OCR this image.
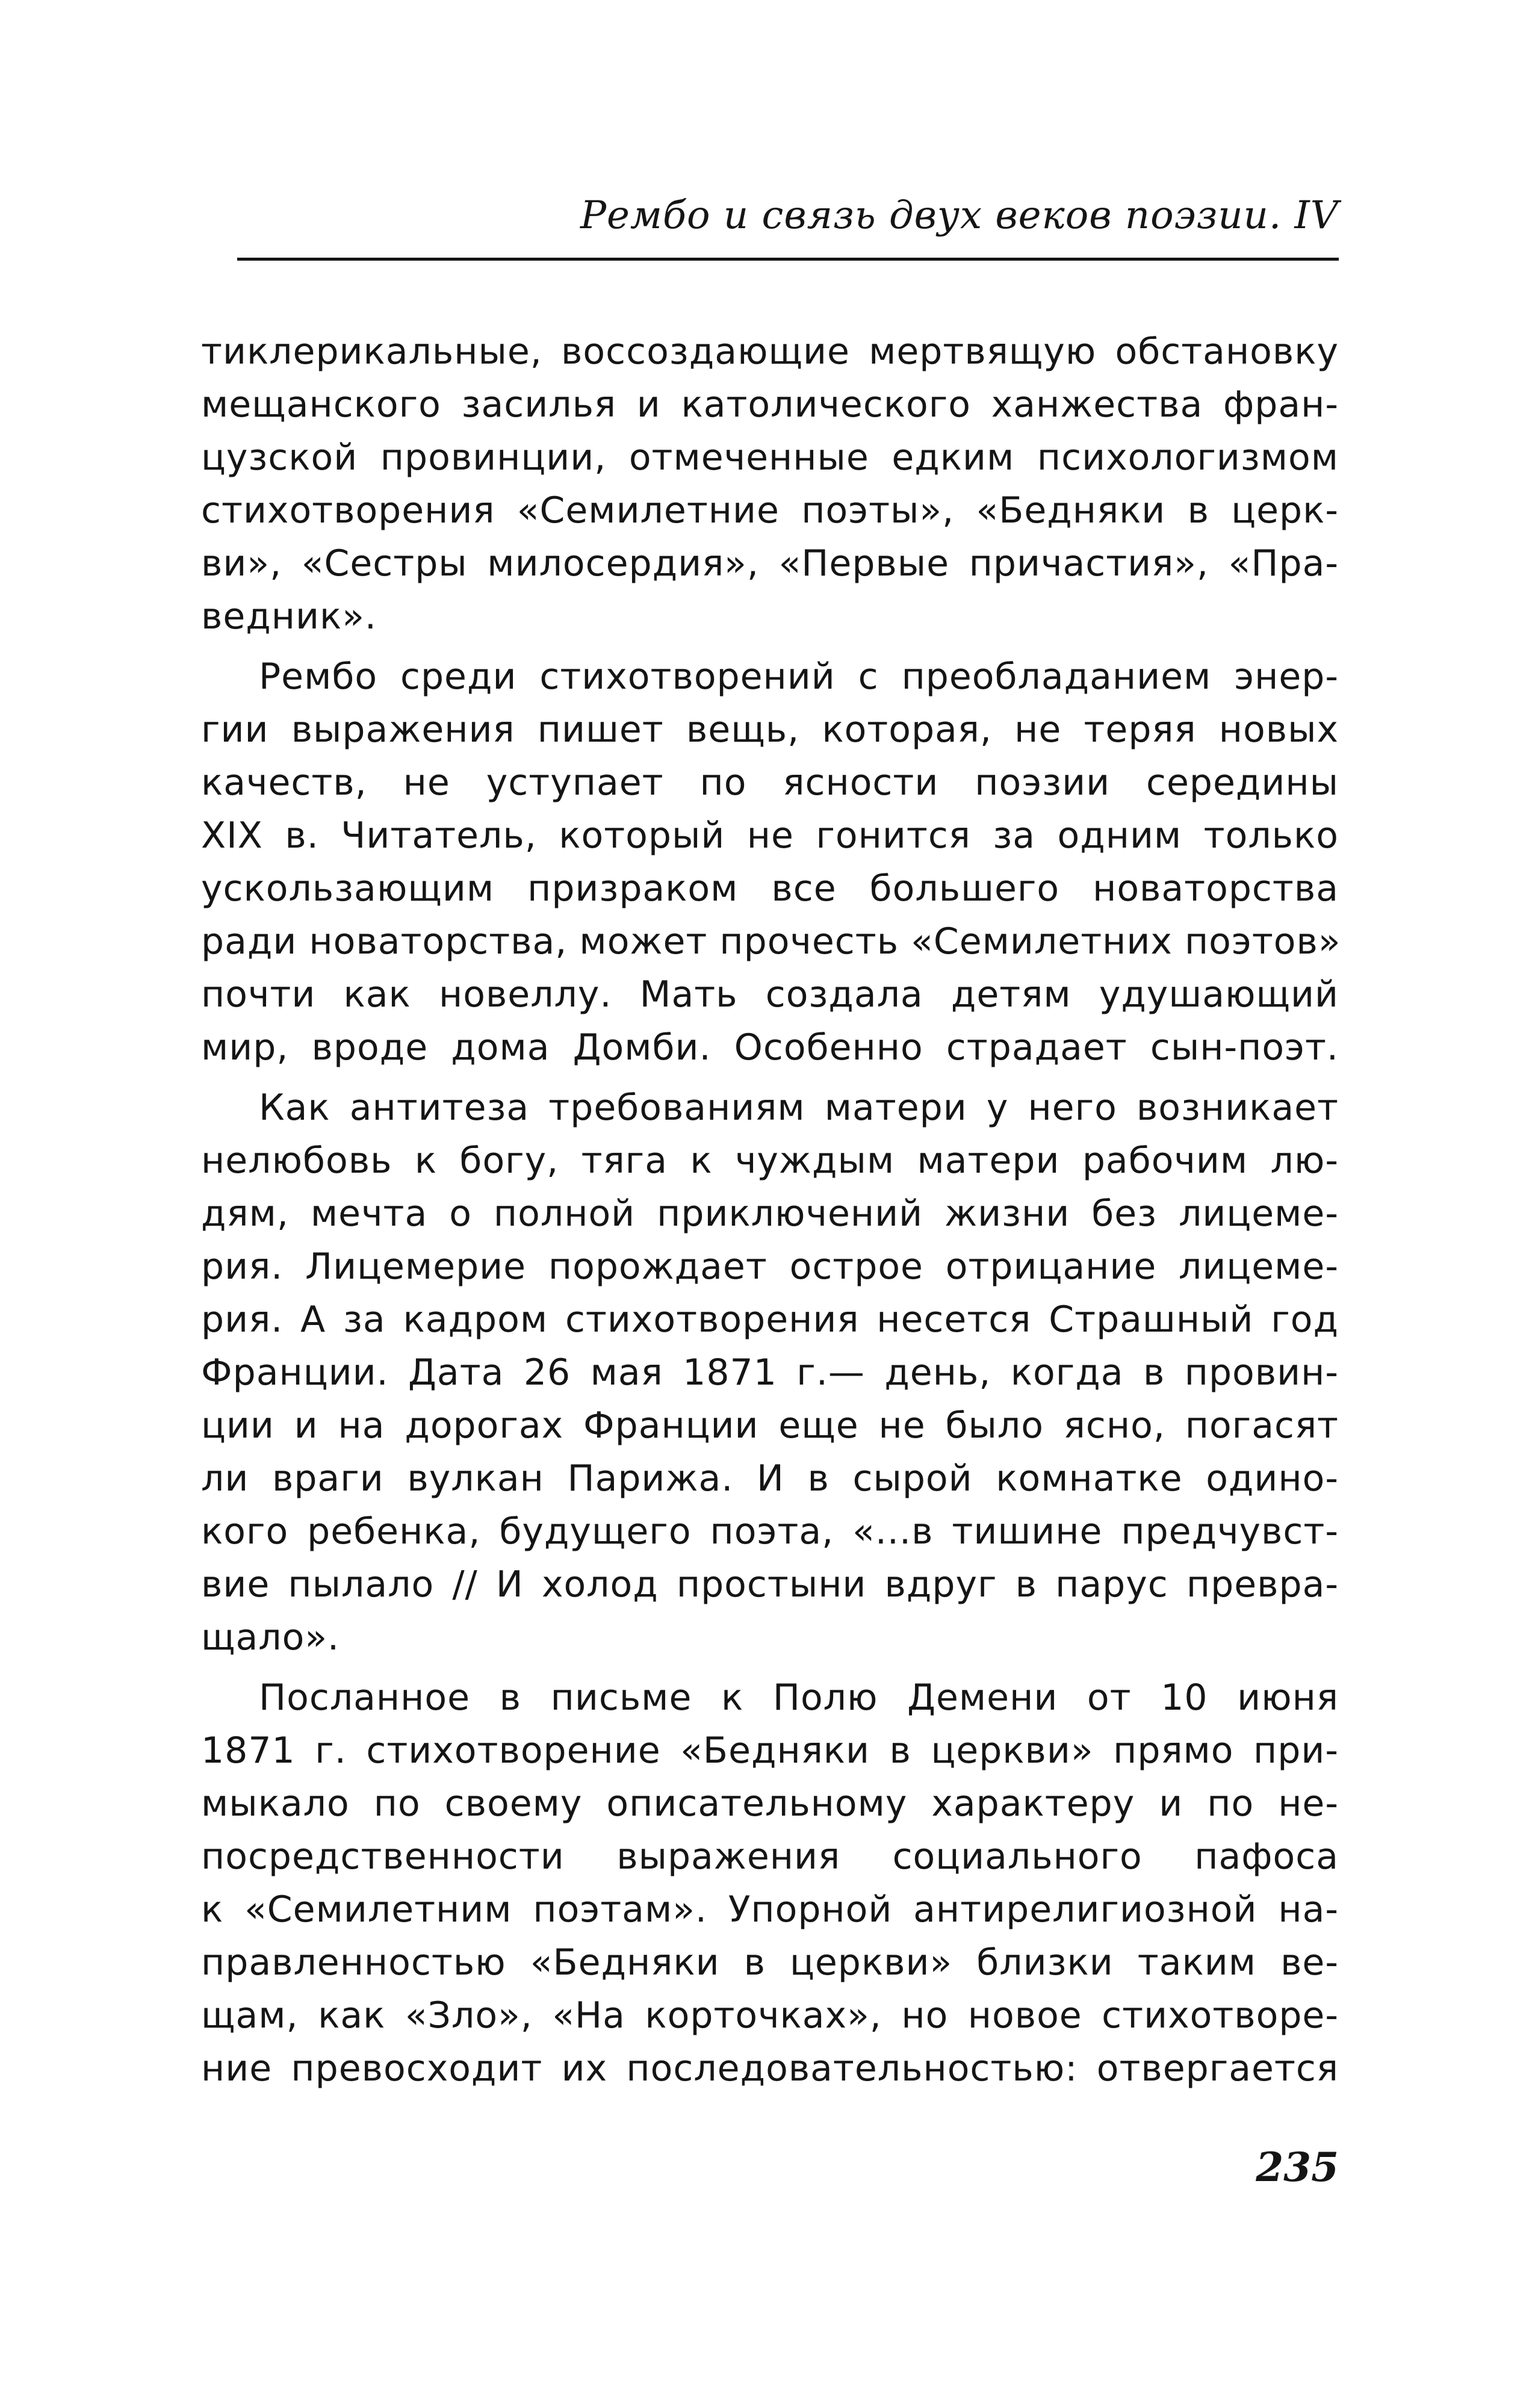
Рембо и связь двух веков поэзии. IV
тиклерикальные, воссоздающие мертвящую обстановку
мещанского засилья и католического ханжества фран-
цузской провинции, отмеченные едким психологизмом
стихотворения «Семилетние поэты», «Бедняки в церк-
ви», «Сестры милосердия», «Первые причастия», «Пра-
ведник».
Рембо среди стихотворений с преобладанием энер-
гии выражения пишет вещь, которая, не теряя новых
качеств, не уступает по ясности поэзии середины
XIX в. Читатель, который не гонится за одним только
ускользающим призраком все большего новаторства
ради новаторства, может прочесть «Семилетних поэтов»
почти как новеллу. Мать создала детям удушающий
мир, вроде дома Домби. Особенно страдает сын-поэт.
Как антитеза требованиям матери у него возникает
нелюбовь к богу, тяга к чуждым матери рабочим лю-
дям, мечта о полной приключений жизни без лицеме-
рия. Лицемерие порождает острое отрицание лицеме-
рия. А за кадром стихотворения несется Страшный год
Франции. Дата 26 мая 1871 г.— день, когда в провин-
ции и на дорогах Франции еще не было ясно, погасят
ли враги вулкан Парижа. И в сырой комнатке одино-
кого ребенка, будущего поэта, «...в тишине предчувст-
вие пылало // И холод простыни вдруг в парус превра-
щало».
Посланное в письме к Полю Демени от 10 июня
1871 г. стихотворение «Бедняки в церкви» прямо при-
мыкало по своему описательному характеру и по не-
посредственности выражения социального пафоса
к «Семилетним поэтам». Упорной антирелигиозной на-
правленностью «Бедняки в церкви» близки таким ве-
щам, как «Зло», «На корточках», но новое стихотворе-
ние превосходит их последовательностью: отвергается
235
